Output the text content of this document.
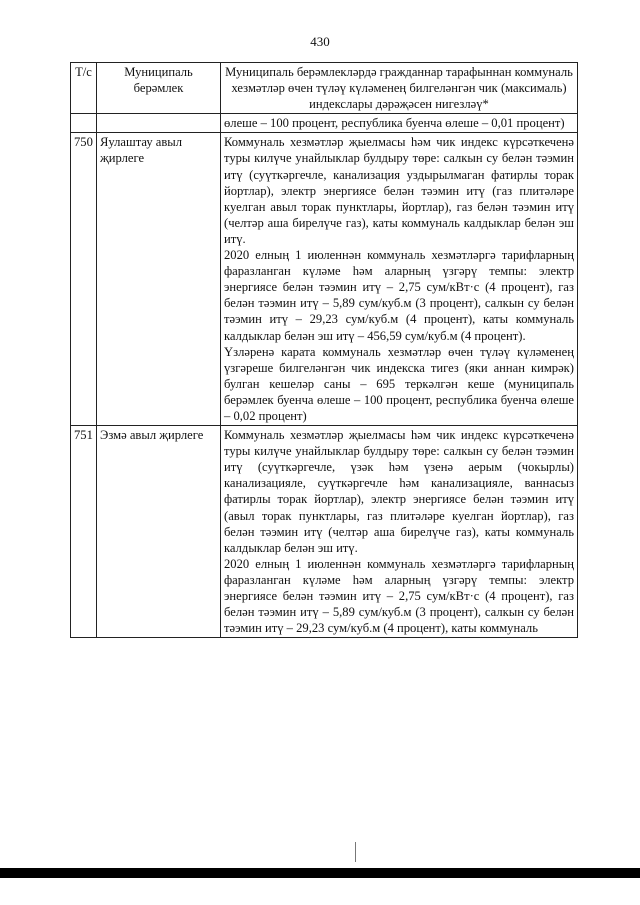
430
Т/с	Муниципаль берәмлек	Муниципаль берәмлекләрдә гражданнар тарафыннан коммуналь хезмәтләр өчен түләү күләменең билгеләнгән чик (максималь) индекслары дәрәҗәсен нигезләү*
		өлеше – 100 процент, республика буенча өлеше – 0,01 процент)
750	Яулаштау авыл җирлеге	Коммуналь хезмәтләр җыелмасы һәм чик индекс күрсәткеченә туры килүче унайлыклар булдыру төре: салкын су белән тәэмин итү (суүткәргечле, канализация уздырылмаган фатирлы торак йортлар), электр энергиясе белән тәэмин итү (газ плитәләре куелган авыл торак пунктлары, йортлар), газ белән тәэмин итү (челтәр аша бирелүче газ), каты коммуналь калдыклар белән эш итү.

2020 елның 1 июленнән коммуналь хезмәтләргә тарифларның фаразланган күләме һәм аларның үзгәрү темпы: электр энергиясе белән тәэмин итү – 2,75 сум/кВт·с (4 процент), газ белән тәэмин итү – 5,89 сум/куб.м (3 процент), салкын су белән тәэмин итү – 29,23 сум/куб.м (4 процент), каты коммуналь калдыклар белән эш итү – 456,59 сум/куб.м (4 процент).

Үзләренә карата коммуналь хезмәтләр өчен түләү күләменең үзгәреше билгеләнгән чик индекска тигез (яки аннан кимрәк) булган кешеләр саны – 695 теркәлгән кеше (муниципаль берәмлек буенча өлеше – 100 процент, республика буенча өлеше – 0,02 процент)

751	Эзмә авыл җирлеге	Коммуналь хезмәтләр җыелмасы һәм чик индекс күрсәткеченә туры килүче унайлыклар булдыру төре: салкын су белән тәэмин итү (суүткәргечле, үзәк һәм үзенә аерым (чокырлы) канализацияле, суүткәргечле һәм канализацияле, ваннасыз фатирлы торак йортлар), электр энергиясе белән тәэмин итү (авыл торак пунктлары, газ плитәләре куелган йортлар), газ белән тәэмин итү (челтәр аша бирелүче газ), каты коммуналь калдыклар белән эш итү.

2020 елның 1 июленнән коммуналь хезмәтләргә тарифларның фаразланган күләме һәм аларның үзгәрү темпы: электр энергиясе белән тәэмин итү – 2,75 сум/кВт·с (4 процент), газ белән тәэмин итү – 5,89 сум/куб.м (3 процент), салкын су белән тәэмин итү – 29,23 сум/куб.м (4 процент), каты коммуналь
